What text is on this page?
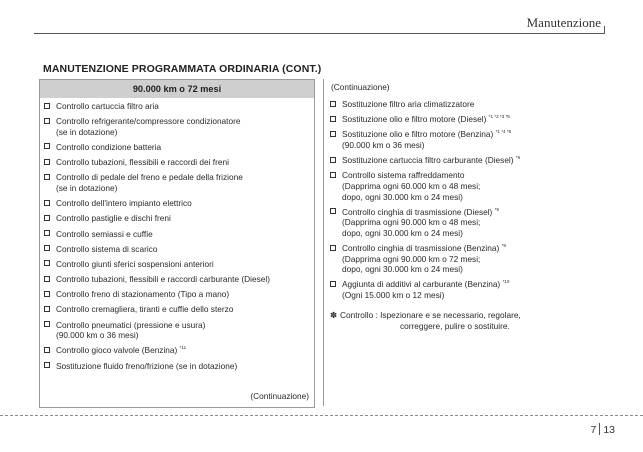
Manutenzione
MANUTENZIONE PROGRAMMATA ORDINARIA (CONT.)
90.000 km o 72 mesi
Controllo cartuccia filtro aria
Controllo refrigerante/compressore condizionatore
(se in dotazione)
Controllo condizione batteria
Controllo tubazioni, flessibili e raccordi dei freni
Controllo di pedale del freno e pedale della frizione
(se in dotazione)
Controllo dell'intero impianto elettrico
Controllo pastiglie e dischi freni
Controllo semiassi e cuffie
Controllo sistema di scarico
Controllo giunti sferici sospensioni anteriori
Controllo tubazioni, flessibili e raccordi carburante (Diesel)
Controllo freno di stazionamento (Tipo a mano)
Controllo cremagliera, tiranti e cuffie dello sterzo
Controllo pneumatici (pressione e usura)
(90.000 km o 36 mesi)
Controllo gioco valvole (Benzina) $^{*11}$
Sostituzione fluido freno/frizione (se in dotazione)
(Continuazione)
(Continuazione)
Sostituzione filtro aria climatizzatore
Sostituzione olio e filtro motore (Diesel) $^{*1 *2 *3 *5}$
Sostituzione olio e filtro motore (Benzina) $^{*1 *4 *5}$
(90.000 km o 36 mesi)
Sostituzione cartuccia filtro carburante (Diesel) $^{*6}$
Controllo sistema raffreddamento
(Dapprima ogni 60.000 km o 48 mesi;
dopo, ogni 30.000 km o 24 mesi)
Controllo cinghia di trasmissione (Diesel) $^{*9}$
(Dapprima ogni 90.000 km o 48 mesi;
dopo, ogni 30.000 km o 24 mesi)
Controllo cinghia di trasmissione (Benzina) $^{*9}$
(Dapprima ogni 90.000 km o 72 mesi;
dopo, ogni 30.000 km o 24 mesi)
Aggiunta di additivi al carburante (Benzina) $^{*10}$
(Ogni 15.000 km o 12 mesi)
✽ Controllo : Ispezionare e se necessario, regolare,
correggere, pulire o sostituire.
7 13
